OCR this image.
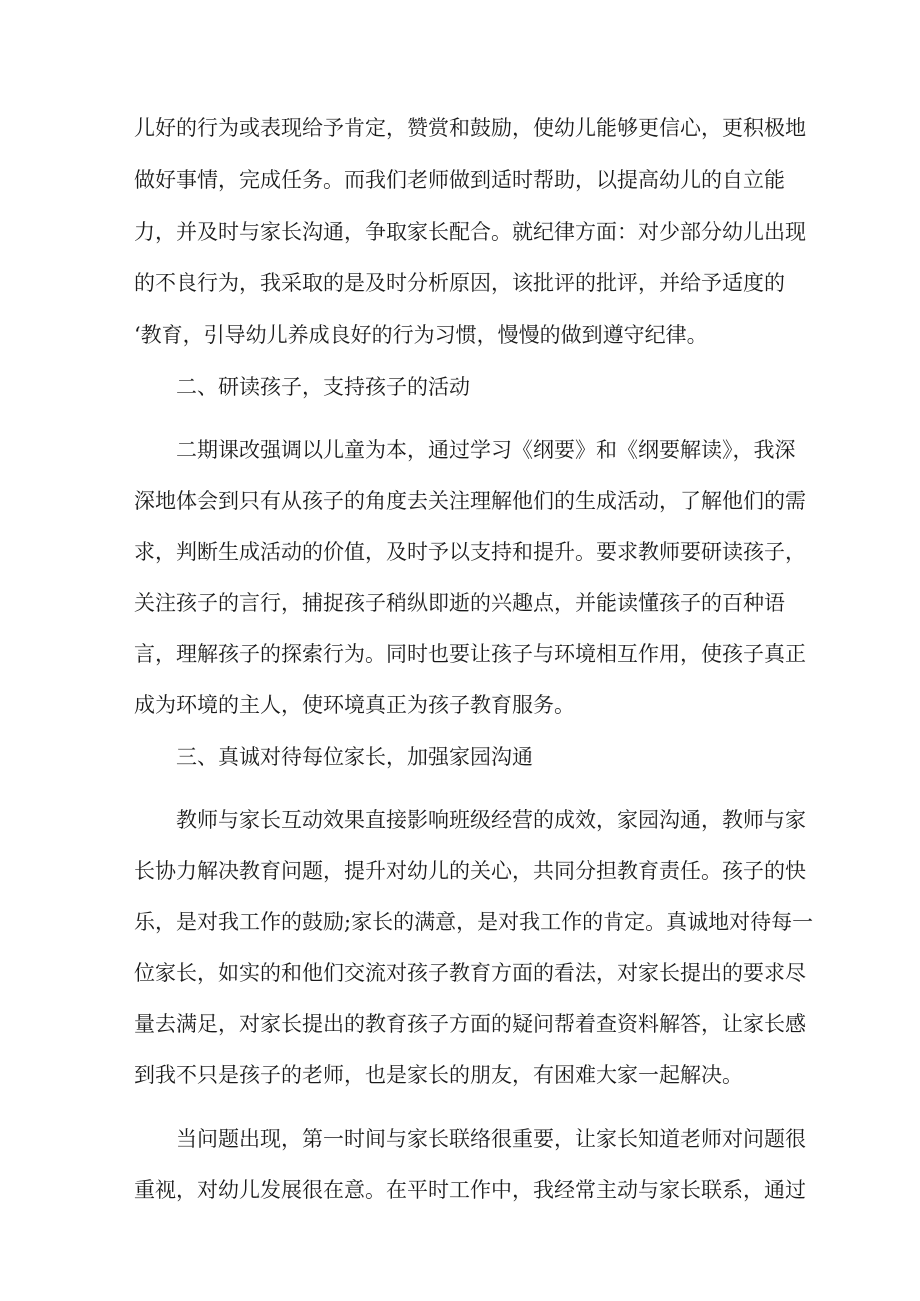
儿好的行为或表现给予肯定，赞赏和鼓励，使幼儿能够更信心，更积极地
做好事情，完成任务。而我们老师做到适时帮助，以提高幼儿的自立能
力，并及时与家长沟通，争取家长配合。就纪律方面：对少部分幼儿出现
的不良行为，我采取的是及时分析原因，该批评的批评，并给予适度的
‘教育，引导幼儿养成良好的行为习惯，慢慢的做到遵守纪律。
二、研读孩子，支持孩子的活动
二期课改强调以儿童为本，通过学习《纲要》和《纲要解读》，我深
深地体会到只有从孩子的角度去关注理解他们的生成活动，了解他们的需
求，判断生成活动的价值，及时予以支持和提升。要求教师要研读孩子，
关注孩子的言行，捕捉孩子稍纵即逝的兴趣点，并能读懂孩子的百种语
言，理解孩子的探索行为。同时也要让孩子与环境相互作用，使孩子真正
成为环境的主人，使环境真正为孩子教育服务。
三、真诚对待每位家长，加强家园沟通
教师与家长互动效果直接影响班级经营的成效，家园沟通，教师与家
长协力解决教育问题，提升对幼儿的关心，共同分担教育责任。孩子的快
乐，是对我工作的鼓励;家长的满意，是对我工作的肯定。真诚地对待每一
位家长，如实的和他们交流对孩子教育方面的看法，对家长提出的要求尽
量去满足，对家长提出的教育孩子方面的疑问帮着查资料解答，让家长感
到我不只是孩子的老师，也是家长的朋友，有困难大家一起解决。
当问题出现，第一时间与家长联络很重要，让家长知道老师对问题很
重视，对幼儿发展很在意。在平时工作中，我经常主动与家长联系，通过
